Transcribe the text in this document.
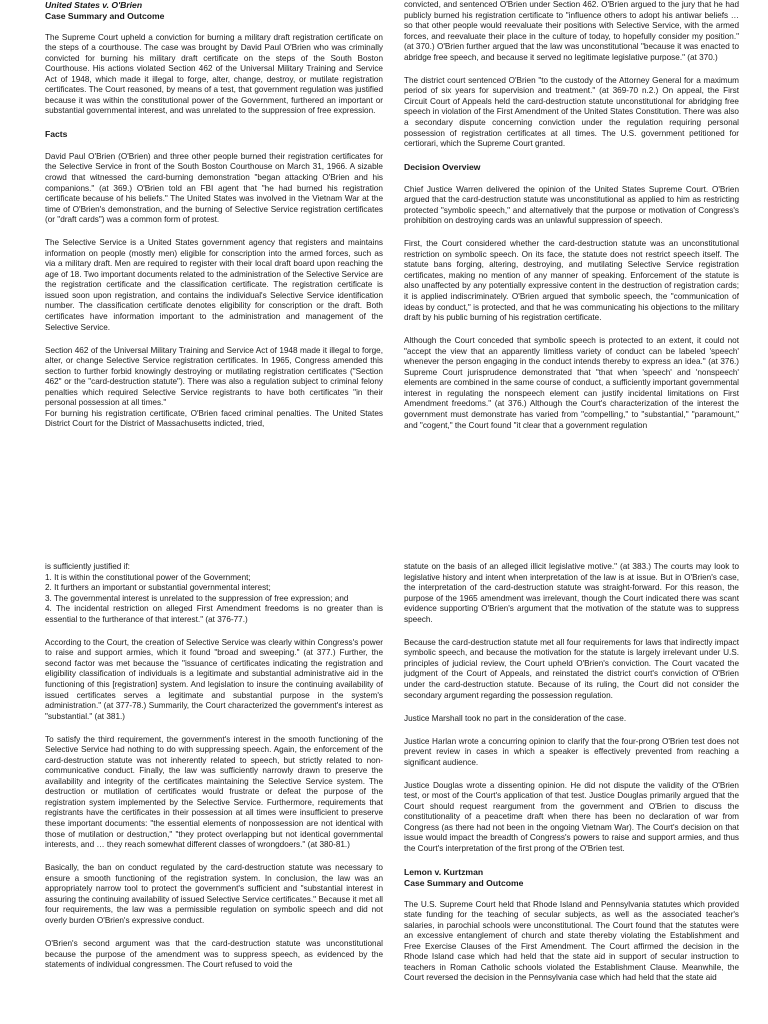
United States v. O'Brien
Case Summary and Outcome

The Supreme Court upheld a conviction for burning a military draft registration certificate on the steps of a courthouse. The case was brought by David Paul O'Brien who was criminally convicted for burning his military draft certificate on the steps of the South Boston Courthouse. His actions violated Section 462 of the Universal Military Training and Service Act of 1948, which made it illegal to forge, alter, change, destroy, or mutilate registration certificates. The Court reasoned, by means of a test, that government regulation was justified because it was within the constitutional power of the Government, furthered an important or substantial governmental interest, and was unrelated to the suppression of free expression.

Facts

David Paul O'Brien (O'Brien) and three other people burned their registration certificates for the Selective Service in front of the South Boston Courthouse on March 31, 1966. A sizable crowd that witnessed the card-burning demonstration "began attacking O'Brien and his companions." (at 369.) O'Brien told an FBI agent that "he had burned his registration certificate because of his beliefs." The United States was involved in the Vietnam War at the time of O'Brien's demonstration, and the burning of Selective Service registration certificates (or "draft cards") was a common form of protest.

The Selective Service is a United States government agency that registers and maintains information on people (mostly men) eligible for conscription into the armed forces, such as via a military draft. Men are required to register with their local draft board upon reaching the age of 18. Two important documents related to the administration of the Selective Service are the registration certificate and the classification certificate. The registration certificate is issued soon upon registration, and contains the individual's Selective Service identification number. The classification certificate denotes eligibility for conscription or the draft. Both certificates have information important to the administration and management of the Selective Service.

Section 462 of the Universal Military Training and Service Act of 1948 made it illegal to forge, alter, or change Selective Service registration certificates. In 1965, Congress amended this section to further forbid knowingly destroying or mutilating registration certificates ("Section 462" or the "card-destruction statute"). There was also a regulation subject to criminal felony penalties which required Selective Service registrants to have both certificates "in their personal possession at all times."

For burning his registration certificate, O'Brien faced criminal penalties. The United States District Court for the District of Massachusetts indicted, tried,

convicted, and sentenced O'Brien under Section 462. O'Brien argued to the jury that he had publicly burned his registration certificate to "influence others to adopt his antiwar beliefs … so that other people would reevaluate their positions with Selective Service, with the armed forces, and reevaluate their place in the culture of today, to hopefully consider my position." (at 370.) O'Brien further argued that the law was unconstitutional "because it was enacted to abridge free speech, and because it served no legitimate legislative purpose." (at 370.)

The district court sentenced O'Brien "to the custody of the Attorney General for a maximum period of six years for supervision and treatment." (at 369-70 n.2.) On appeal, the First Circuit Court of Appeals held the card-destruction statute unconstitutional for abridging free speech in violation of the First Amendment of the United States Constitution. There was also a secondary dispute concerning conviction under the regulation requiring personal possession of registration certificates at all times. The U.S. government petitioned for certiorari, which the Supreme Court granted.

Decision Overview

Chief Justice Warren delivered the opinion of the United States Supreme Court. O'Brien argued that the card-destruction statute was unconstitutional as applied to him as restricting protected "symbolic speech," and alternatively that the purpose or motivation of Congress's prohibition on destroying cards was an unlawful suppression of speech.

First, the Court considered whether the card-destruction statute was an unconstitutional restriction on symbolic speech. On its face, the statute does not restrict speech itself. The statute bans forging, altering, destroying, and mutilating Selective Service registration certificates, making no mention of any manner of speaking. Enforcement of the statute is also unaffected by any potentially expressive content in the destruction of registration cards; it is applied indiscriminately. O'Brien argued that symbolic speech, the "communication of ideas by conduct," is protected, and that he was communicating his objections to the military draft by his public burning of his registration certificate.

Although the Court conceded that symbolic speech is protected to an extent, it could not "accept the view that an apparently limitless variety of conduct can be labeled 'speech' whenever the person engaging in the conduct intends thereby to express an idea." (at 376.) Supreme Court jurisprudence demonstrated that "that when 'speech' and 'nonspeech' elements are combined in the same course of conduct, a sufficiently important governmental interest in regulating the nonspeech element can justify incidental limitations on First Amendment freedoms." (at 376.) Although the Court's characterization of the interest the government must demonstrate has varied from "compelling," to "substantial," "paramount," and "cogent," the Court found "it clear that a government regulation

is sufficiently justified if:
1. It is within the constitutional power of the Government;
2. It furthers an important or substantial governmental interest;
3. The governmental interest is unrelated to the suppression of free expression; and

4. The incidental restriction on alleged First Amendment freedoms is no greater than is essential to the furtherance of that interest." (at 376-77.)

According to the Court, the creation of Selective Service was clearly within Congress's power to raise and support armies, which it found "broad and sweeping." (at 377.) Further, the second factor was met because the "issuance of certificates indicating the registration and eligibility classification of individuals is a legitimate and substantial administrative aid in the functioning of this [registration] system. And legislation to insure the continuing availability of issued certificates serves a legitimate and substantial purpose in the system's administration." (at 377-78.) Summarily, the Court characterized the government's interest as "substantial." (at 381.)

To satisfy the third requirement, the government's interest in the smooth functioning of the Selective Service had nothing to do with suppressing speech. Again, the enforcement of the card-destruction statute was not inherently related to speech, but strictly related to non-communicative conduct. Finally, the law was sufficiently narrowly drawn to preserve the availability and integrity of the certificates maintaining the Selective Service system. The destruction or mutilation of certificates would frustrate or defeat the purpose of the registration system implemented by the Selective Service. Furthermore, requirements that registrants have the certificates in their possession at all times were insufficient to preserve these important documents: "the essential elements of nonpossession are not identical with those of mutilation or destruction," "they protect overlapping but not identical governmental interests, and … they reach somewhat different classes of wrongdoers." (at 380-81.)

Basically, the ban on conduct regulated by the card-destruction statute was necessary to ensure a smooth functioning of the registration system. In conclusion, the law was an appropriately narrow tool to protect the government's sufficient and "substantial interest in assuring the continuing availability of issued Selective Service certificates." Because it met all four requirements, the law was a permissible regulation on symbolic speech and did not overly burden O'Brien's expressive conduct.

O'Brien's second argument was that the card-destruction statute was unconstitutional because the purpose of the amendment was to suppress speech, as evidenced by the statements of individual congressmen. The Court refused to void the

statute on the basis of an alleged illicit legislative motive." (at 383.) The courts may look to legislative history and intent when interpretation of the law is at issue. But in O'Brien's case, the interpretation of the card-destruction statute was straight-forward. For this reason, the purpose of the 1965 amendment was irrelevant, though the Court indicated there was scant evidence supporting O'Brien's argument that the motivation of the statute was to suppress speech.

Because the card-destruction statute met all four requirements for laws that indirectly impact symbolic speech, and because the motivation for the statute is largely irrelevant under U.S. principles of judicial review, the Court upheld O'Brien's conviction. The Court vacated the judgment of the Court of Appeals, and reinstated the district court's conviction of O'Brien under the card-destruction statute. Because of its ruling, the Court did not consider the secondary argument regarding the possession regulation.

Justice Marshall took no part in the consideration of the case.

Justice Harlan wrote a concurring opinion to clarify that the four-prong O'Brien test does not prevent review in cases in which a speaker is effectively prevented from reaching a significant audience.

Justice Douglas wrote a dissenting opinion. He did not dispute the validity of the O'Brien test, or most of the Court's application of that test. Justice Douglas primarily argued that the Court should request reargument from the government and O'Brien to discuss the constitutionality of a peacetime draft when there has been no declaration of war from Congress (as there had not been in the ongoing Vietnam War). The Court's decision on that issue would impact the breadth of Congress's powers to raise and support armies, and thus the Court's interpretation of the first prong of the O'Brien test.

Lemon v. Kurtzman
Case Summary and Outcome

The U.S. Supreme Court held that Rhode Island and Pennsylvania statutes which provided state funding for the teaching of secular subjects, as well as the associated teacher's salaries, in parochial schools were unconstitutional. The Court found that the statutes were an excessive entanglement of church and state thereby violating the Establishment and Free Exercise Clauses of the First Amendment. The Court affirmed the decision in the Rhode Island case which had held that the state aid in support of secular instruction to teachers in Roman Catholic schools violated the Establishment Clause. Meanwhile, the Court reversed the decision in the Pennsylvania case which had held that the state aid
